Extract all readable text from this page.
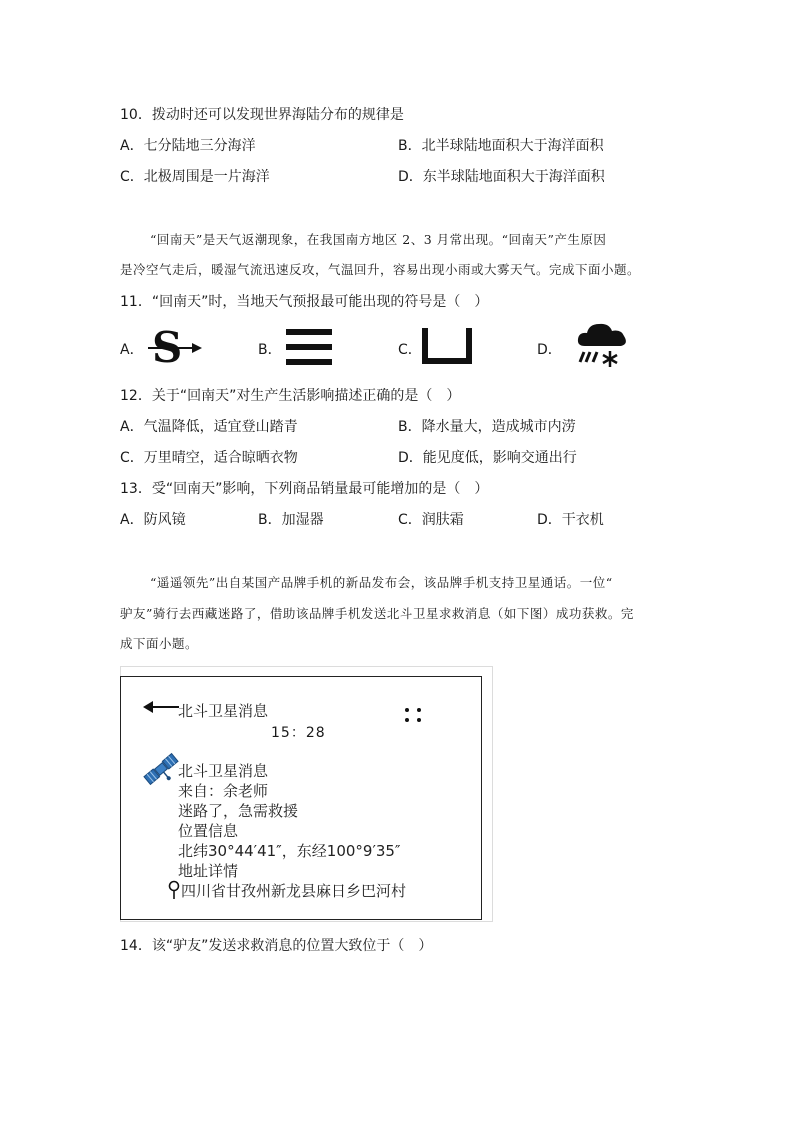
10．拨动时还可以发现世界海陆分布的规律是
A．七分陆地三分海洋	B．北半球陆地面积大于海洋面积
C．北极周围是一片海洋	D．东半球陆地面积大于海洋面积
“回南天”是天气返潮现象，在我国南方地区 2、3 月常出现。“回南天”产生原因
是冷空气走后，暖湿气流迅速反攻，气温回升，容易出现小雨或大雾天气。完成下面小题。
11．“回南天”时，当地天气预报最可能出现的符号是（　）
A． S	B．	C．	D．
12．关于“回南天”对生产生活影响描述正确的是（　）
A．气温降低，适宜登山踏青	B．降水量大，造成城市内涝
C．万里晴空，适合晾晒衣物	D．能见度低，影响交通出行
13．受“回南天”影响，下列商品销量最可能增加的是（　）
A．防风镜	B．加湿器	C．润肤霜	D．干衣机
“遥遥领先”出自某国产品牌手机的新品发布会，该品牌手机支持卫星通话。一位“
驴友”骑行去西藏迷路了，借助该品牌手机发送北斗卫星求救消息（如下图）成功获救。完
成下面小题。
北斗卫星消息
15：28
北斗卫星消息
来自：余老师
迷路了，急需救援
位置信息
北纬30°44′41″，东经100°9′35″
地址详情
四川省甘孜州新龙县麻日乡巴河村
14．该“驴友”发送求救消息的位置大致位于（　）
